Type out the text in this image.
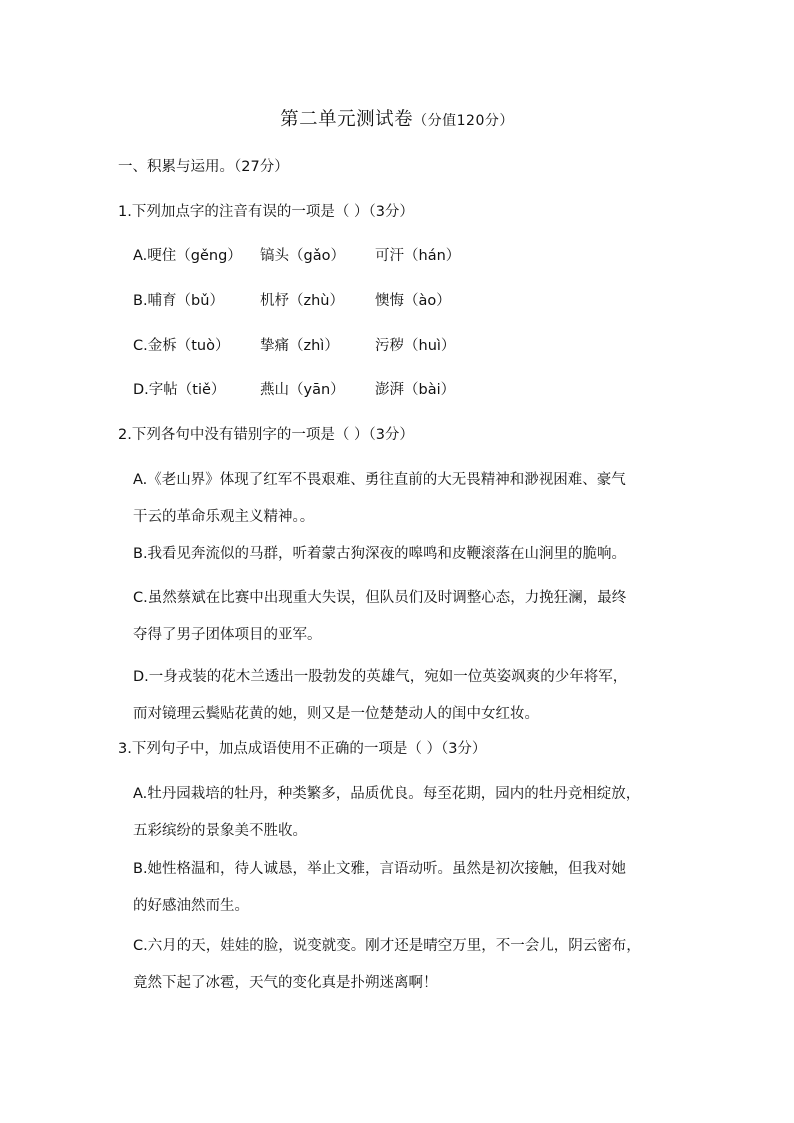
第二单元测试卷（分值120分）
一、积累与运用。（27分）
1.下列加点字的注音有误的一项是（ ）（3分）
A.哽住（gěng） 镐头（gǎo） 可汗（hán）
B.哺育（bǔ） 机杼（zhù） 懊悔（ào）
C.金柝（tuò） 挚痛（zhì） 污秽（huì）
D.字帖（tiě） 燕山（yān） 澎湃（bài）
2.下列各句中没有错别字的一项是（ ）（3分）
A.《老山界》体现了红军不畏艰难、勇往直前的大无畏精神和渺视困难、豪气
干云的革命乐观主义精神。。
B.我看见奔流似的马群，听着蒙古狗深夜的嗥鸣和皮鞭滚落在山涧里的脆响。
C.虽然蔡斌在比赛中出现重大失误，但队员们及时调整心态，力挽狂澜，最终
夺得了男子团体项目的亚军。
D.一身戎装的花木兰透出一股勃发的英雄气，宛如一位英姿飒爽的少年将军，
而对镜理云鬓贴花黄的她，则又是一位楚楚动人的闺中女红妆。
3.下列句子中，加点成语使用不正确的一项是（ ）（3分）
A.牡丹园栽培的牡丹，种类繁多，品质优良。每至花期，园内的牡丹竞相绽放，
五彩缤纷的景象美不胜收。
B.她性格温和，待人诚恳，举止文雅，言语动听。虽然是初次接触，但我对她
的好感油然而生。
C.六月的天，娃娃的脸，说变就变。刚才还是晴空万里，不一会儿，阴云密布，
竟然下起了冰雹，天气的变化真是扑朔迷离啊！
